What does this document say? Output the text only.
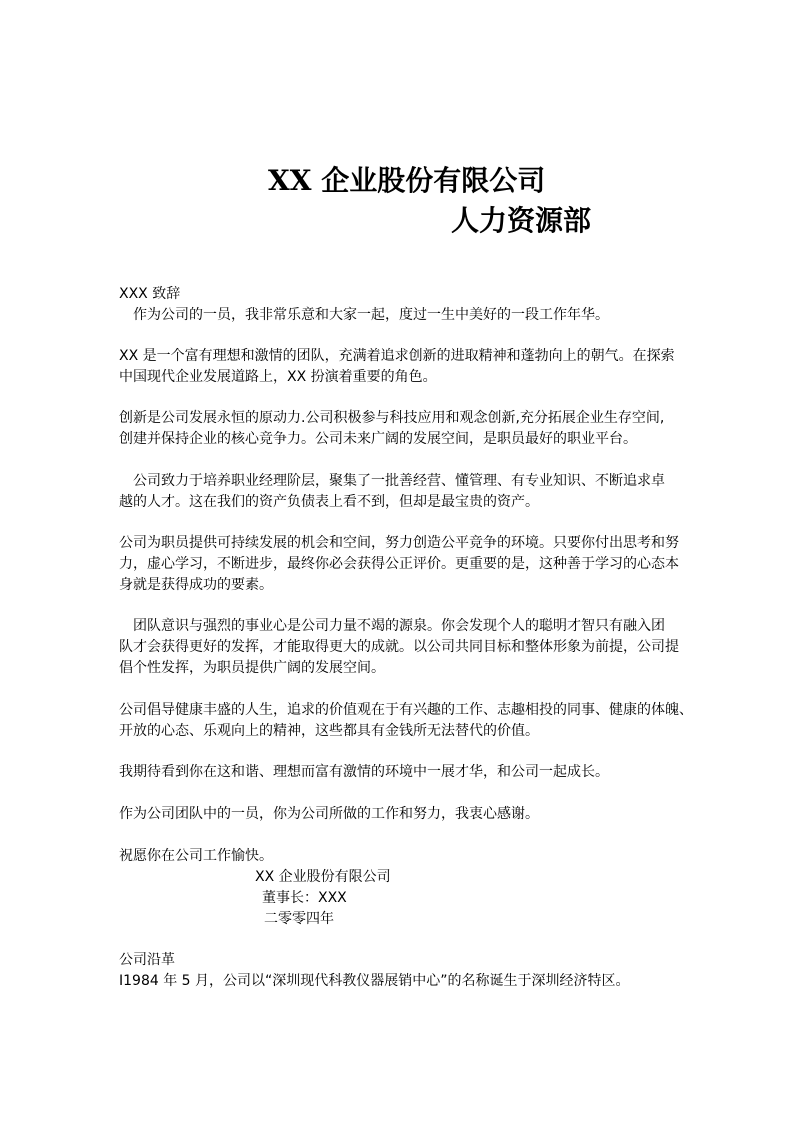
XX 企业股份有限公司
人力资源部
XXX 致辞
作为公司的一员，我非常乐意和大家一起，度过一生中美好的一段工作年华。
XX 是一个富有理想和激情的团队，充满着追求创新的进取精神和蓬勃向上的朝气。在探索
中国现代企业发展道路上，XX 扮演着重要的角色。
创新是公司发展永恒的原动力.公司积极参与科技应用和观念创新,充分拓展企业生存空间,
创建并保持企业的核心竞争力。公司未来广阔的发展空间，是职员最好的职业平台。
公司致力于培养职业经理阶层，聚集了一批善经营、懂管理、有专业知识、不断追求卓
越的人才。这在我们的资产负债表上看不到，但却是最宝贵的资产。
公司为职员提供可持续发展的机会和空间，努力创造公平竞争的环境。只要你付出思考和努
力，虚心学习，不断进步，最终你必会获得公正评价。更重要的是，这种善于学习的心态本
身就是获得成功的要素。
团队意识与强烈的事业心是公司力量不竭的源泉。你会发现个人的聪明才智只有融入团
队才会获得更好的发挥，才能取得更大的成就。以公司共同目标和整体形象为前提，公司提
倡个性发挥，为职员提供广阔的发展空间。
公司倡导健康丰盛的人生，追求的价值观在于有兴趣的工作、志趣相投的同事、健康的体魄、
开放的心态、乐观向上的精神，这些都具有金钱所无法替代的价值。
我期待看到你在这和谐、理想而富有激情的环境中一展才华，和公司一起成长。
作为公司团队中的一员，你为公司所做的工作和努力，我衷心感谢。
祝愿你在公司工作愉快。
XX 企业股份有限公司
董事长：XXX
二零零四年
公司沿革
I1984 年 5 月，公司以“深圳现代科教仪器展销中心”的名称诞生于深圳经济特区。
